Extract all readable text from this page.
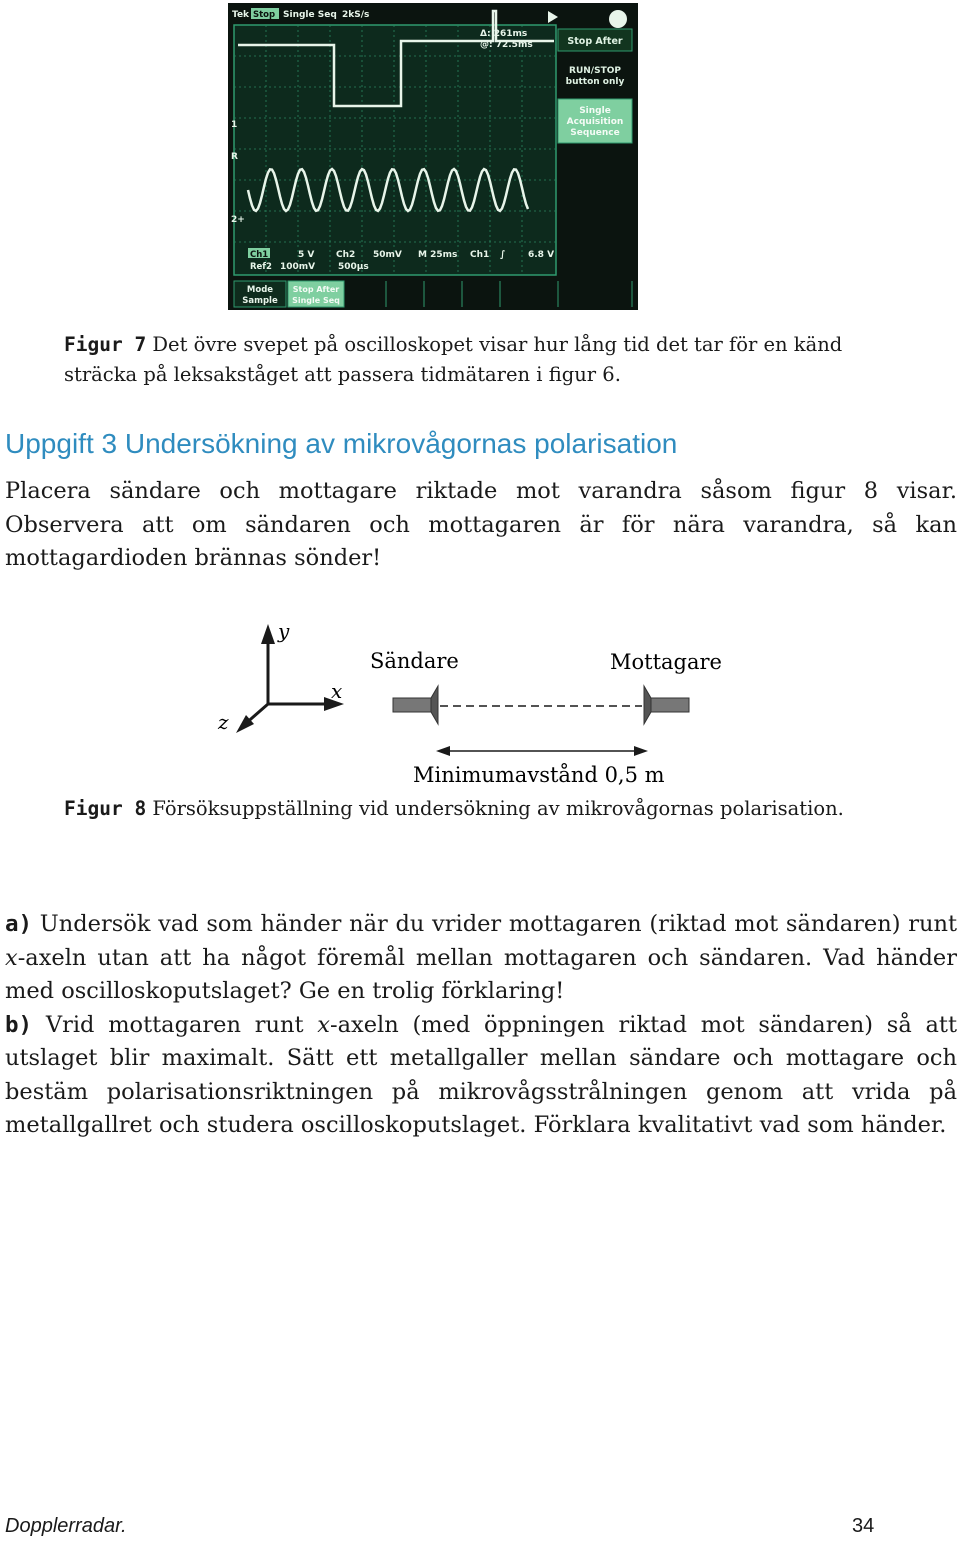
Stop After
RUN/STOP
button only
Single
Acquisition
Sequence
Tek Stop Single Seq 2kS/s
Δ: 261ms
@: 72.5ms
1
R
2+
Ch1	5 V
Ref2 100mV
Ch2 50mV
500µs
M 25ms Ch1 ∫	6.8 V
Mode
Sample
Stop After
Single Seq
Figur 7 Det övre svepet på oscilloskopet visar hur lång tid det tar för en känd sträcka på leksakståget att passera tidmätaren i figur 6.
Uppgift 3 Undersökning av mikrovågornas polarisation

Placera sändare och mottagare riktade mot varandra såsom figur 8 visar. Observera att om sändaren och mottagaren är för nära varandra, så kan mottagardioden brännas sönder!

y
x
z
Sändare	Mottagare
Minimumavstånd 0,5 m
Figur 8 Försöksuppställning vid undersökning av mikrovågornas polarisation.

a) Undersök vad som händer när du vrider mottagaren (riktad mot sändaren) runt x-axeln utan att ha något föremål mellan mottagaren och sändaren. Vad händer med oscilloskoputslaget? Ge en trolig förklaring!

b) Vrid mottagaren runt x-axeln (med öppningen riktad mot sändaren) så att utslaget blir maximalt. Sätt ett metallgaller mellan sändare och mottagare och bestäm polarisationsriktningen på mikrovågsstrålningen genom att vrida på metallgallret och studera oscilloskoputslaget. Förklara kvalitativt vad som händer.

Dopplerradar.	34
